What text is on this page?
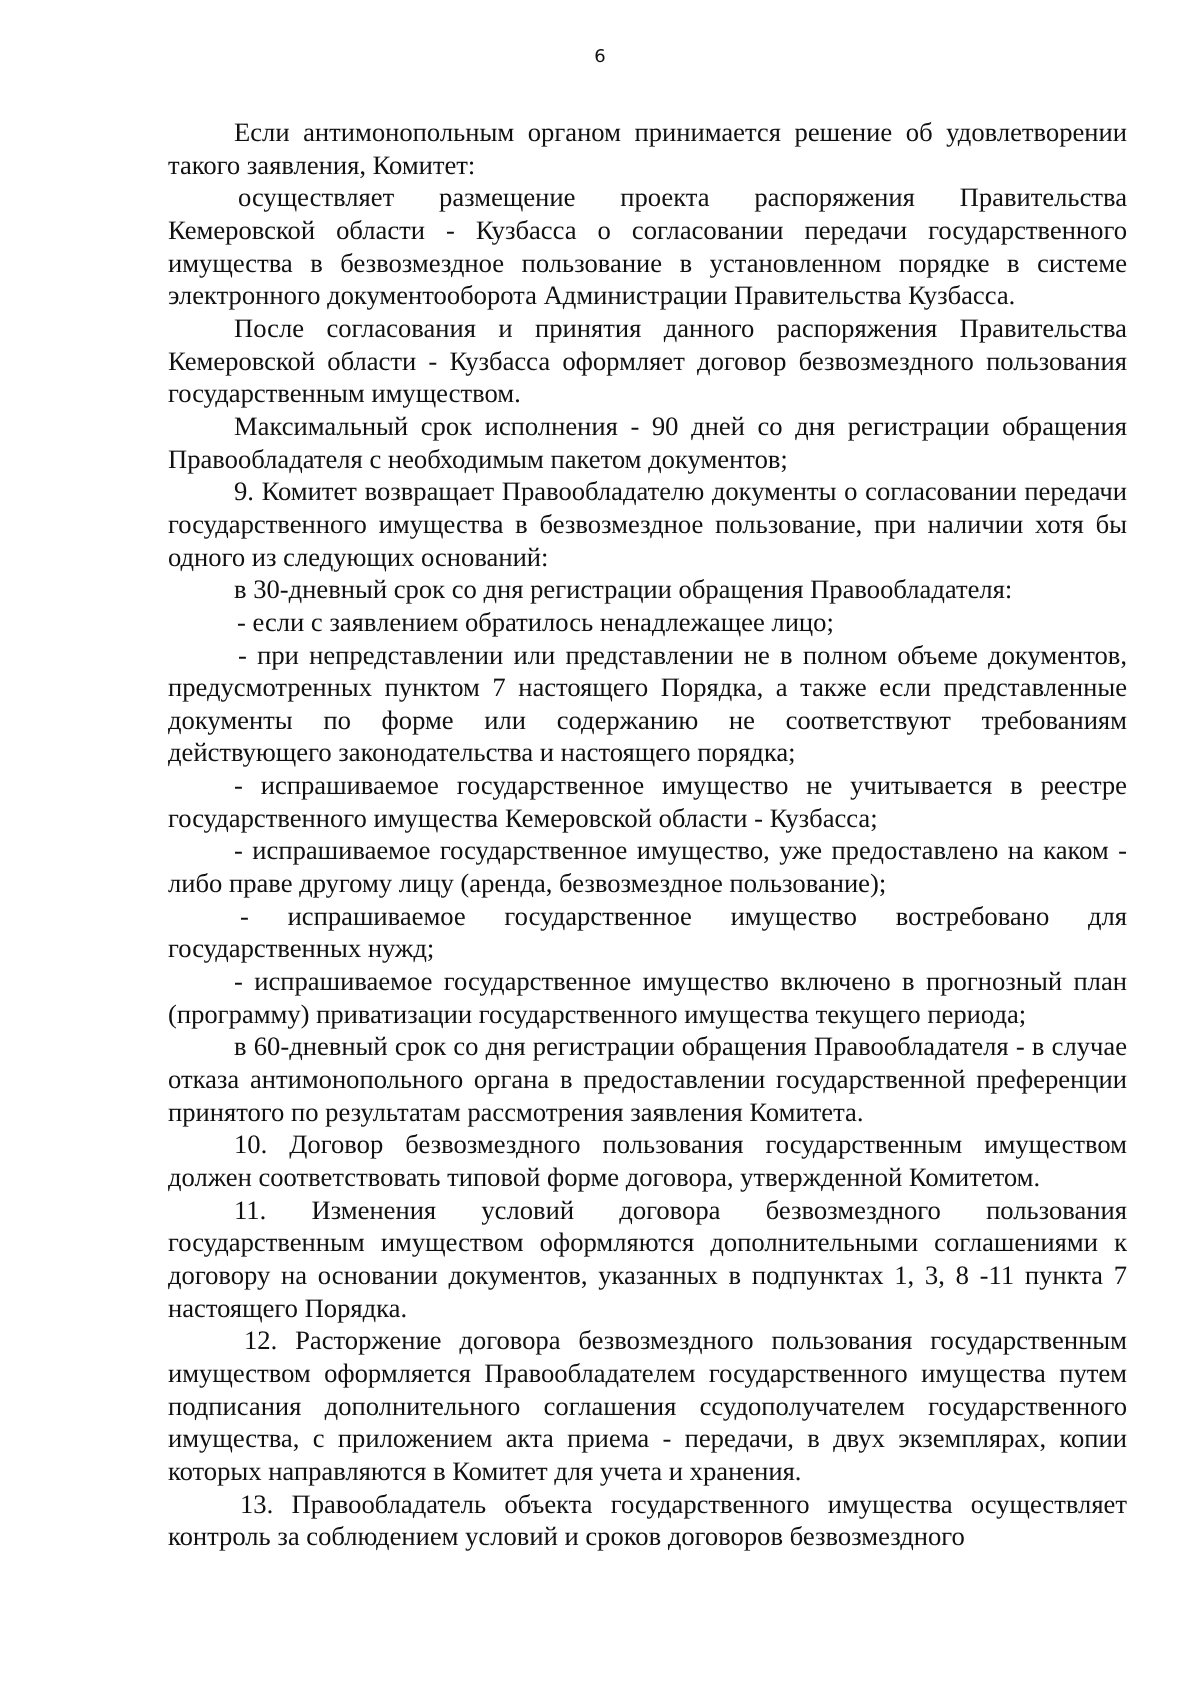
6

Если антимонопольным органом принимается решение об удовлетворении такого заявления, Комитет:

осуществляет размещение проекта распоряжения Правительства Кемеровской области - Кузбасса о согласовании передачи государственного имущества в безвозмездное пользование в установленном порядке в системе электронного документооборота Администрации Правительства Кузбасса.

После согласования и принятия данного распоряжения Правительства Кемеровской области - Кузбасса оформляет договор безвозмездного пользования государственным имуществом.

Максимальный срок исполнения - 90 дней со дня регистрации обращения Правообладателя с необходимым пакетом документов;

9. Комитет возвращает Правообладателю документы о согласовании передачи государственного имущества в безвозмездное пользование, при наличии хотя бы одного из следующих оснований:

в 30-дневный срок со дня регистрации обращения Правообладателя:

- если с заявлением обратилось ненадлежащее лицо;

- при непредставлении или представлении не в полном объеме документов, предусмотренных пунктом 7 настоящего Порядка, а также если представленные документы по форме или содержанию не соответствуют требованиям действующего законодательства и настоящего порядка;

- испрашиваемое государственное имущество не учитывается в реестре государственного имущества Кемеровской области - Кузбасса;

- испрашиваемое государственное имущество, уже предоставлено на каком - либо праве другому лицу (аренда, безвозмездное пользование);

- испрашиваемое государственное имущество востребовано для государственных нужд;

- испрашиваемое государственное имущество включено в прогнозный план (программу) приватизации государственного имущества текущего периода;

в 60-дневный срок со дня регистрации обращения Правообладателя - в случае отказа антимонопольного органа в предоставлении государственной преференции принятого по результатам рассмотрения заявления Комитета.

10. Договор безвозмездного пользования государственным имуществом должен соответствовать типовой форме договора, утвержденной Комитетом.

11. Изменения условий договора безвозмездного пользования государственным имуществом оформляются дополнительными соглашениями к договору на основании документов, указанных в подпунктах 1, 3, 8 -11 пункта 7 настоящего Порядка.

12. Расторжение договора безвозмездного пользования государственным имуществом оформляется Правообладателем государственного имущества путем подписания дополнительного соглашения ссудополучателем государственного имущества, с приложением акта приема - передачи, в двух экземплярах, копии которых направляются в Комитет для учета и хранения.

13. Правообладатель объекта государственного имущества осуществляет контроль за соблюдением условий и сроков договоров безвозмездного
